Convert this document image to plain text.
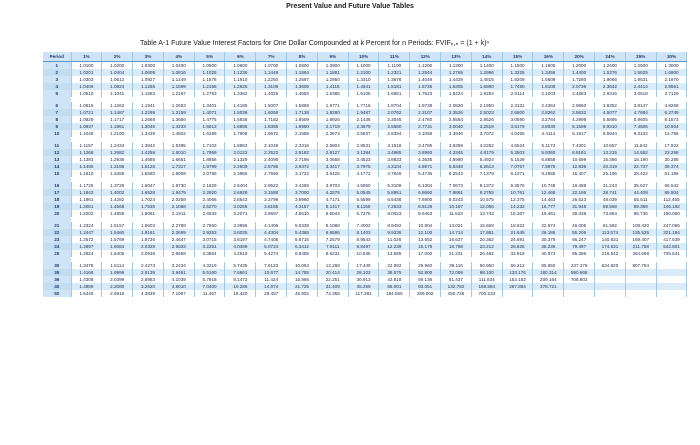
Present Value and Future Value Tables
Table A-1 Future Value Interest Factors for One Dollar Compounded at k Percent for n Periods: FVIFₖ,ₙ = (1 + k)ⁿ
Period	1%	2%	3%	4%	5%	6%	7%	8%	9%	10%	11%	12%	13%	14%	15%	16%	20%	24%	25%	30%
1	1.0100	1.0200	1.0300	1.0400	1.0500	1.0600	1.0700	1.0800	1.0900	1.1000	1.1100	1.1200	1.1300	1.1400	1.1500	1.1600	1.2000	1.2400	1.2500	1.3000
2	1.0201	1.0404	1.0609	1.0816	1.1025	1.1236	1.1449	1.1664	1.1881	1.2100	1.2321	1.2544	1.2769	1.2996	1.3225	1.3456	1.4400	1.5376	1.5625	1.6900
3	1.0303	1.0612	1.0927	1.1249	1.1576	1.1910	1.2250	1.2597	1.2950	1.3310	1.3676	1.4049	1.4429	1.4815	1.5209	1.5609	1.7280	1.9066	1.9531	2.1970
4	1.0406	1.0824	1.1255	1.1699	1.2155	1.2625	1.3108	1.3605	1.4116	1.4641	1.5181	1.5735	1.6305	1.6890	1.7490	1.8106	2.0736	2.3642	2.4414	2.8561
5	1.0510	1.1041	1.1593	1.2167	1.2763	1.3382	1.4026	1.4693	1.5386	1.6105	1.6851	1.7623	1.8424	1.9254	2.0114	2.1003	2.4883	2.9316	3.0518	3.7129

6	1.0615	1.1262	1.1941	1.2653	1.3401	1.4185	1.5007	1.5869	1.6771	1.7716	1.8704	1.9738	2.0820	2.1950	2.3131	2.4364	2.9860	3.6352	3.8147	4.8268
7	1.0721	1.1487	1.2299	1.3159	1.4071	1.5036	1.6058	1.7138	1.8280	1.9487	2.0762	2.2107	2.3526	2.5023	2.6600	2.8262	3.5832	4.5077	4.7684	6.2749
8	1.0829	1.1717	1.2668	1.3686	1.4775	1.5938	1.7182	1.8509	1.9926	2.1436	2.3045	2.4760	2.6584	2.8526	3.0590	3.2784	4.2998	5.5895	5.9605	8.1573
9	1.0937	1.1951	1.3048	1.4233	1.5513	1.6895	1.8385	1.9990	2.1719	2.3579	2.5580	2.7731	3.0040	3.2519	3.5179	3.8030	5.1598	6.9310	7.4506	10.604
10	1.1046	1.2190	1.3439	1.4802	1.6289	1.7908	1.9672	2.1589	2.3674	2.5937	2.8394	3.1058	3.3946	3.7072	4.0456	4.4114	6.1917	8.5944	9.3132	13.786

11	1.1157	1.2434	1.3842	1.5395	1.7103	1.8983	2.1049	2.3316	2.5804	2.8531	3.1518	3.4785	3.8359	4.2262	4.6524	5.1173	7.4301	10.657	11.642	17.922
12	1.1268	1.2682	1.4258	1.6010	1.7959	2.0122	2.2522	2.5182	2.8127	3.1384	3.4985	3.8960	4.3345	4.8179	5.3503	5.9360	8.9161	13.215	14.552	23.298
13	1.1381	1.2936	1.4685	1.6651	1.8856	2.1329	2.4098	2.7196	3.0658	3.4523	3.8833	4.3635	4.8980	5.4924	6.1528	6.8858	10.699	16.386	18.190	30.288
14	1.1495	1.3195	1.5126	1.7317	1.9799	2.2609	2.5785	2.9372	3.3417	3.7975	4.3104	4.8871	5.5348	6.2613	7.0757	7.9875	12.839	20.319	22.737	39.374
15	1.1610	1.3459	1.5580	1.8009	2.0789	2.3966	2.7590	3.1722	3.6425	4.1772	4.7846	5.4736	6.2543	7.1379	8.1371	9.2655	15.407	25.196	28.422	51.186

16	1.1726	1.3728	1.6047	1.8730	2.1829	2.5404	2.9522	3.4259	3.9703	4.5950	5.3109	6.1304	7.0673	8.1372	9.3576	10.748	18.488	31.243	35.527	66.542
17	1.1843	1.4002	1.6528	1.9479	2.2920	2.6928	3.1588	3.7000	4.3276	5.0545	5.8951	6.8660	7.9861	9.2765	10.761	12.468	22.186	38.741	44.409	86.504
18	1.1961	1.4282	1.7024	2.0258	2.4066	2.8543	3.3799	3.9960	4.7171	5.5599	6.5436	7.6900	9.0243	10.575	12.375	14.463	26.623	48.039	55.511	112.455
19	1.2081	1.4568	1.7535	2.1068	2.5270	3.0256	3.6165	4.3157	5.1417	6.1159	7.2633	8.6128	10.197	12.056	14.232	16.777	31.948	59.568	69.389	146.192
20	1.2202	1.4859	1.8061	2.1911	2.6533	3.2071	3.8697	4.6610	5.6044	6.7275	8.0623	9.6463	11.523	13.743	16.367	19.461	38.338	73.864	86.736	190.050

21	1.2324	1.5157	1.8603	2.2788	2.7860	3.3996	4.1406	5.0338	6.1088	7.4002	8.9492	10.804	13.021	15.668	18.822	22.574	46.005	91.592	108.420	247.065
22	1.2447	1.5460	1.9161	2.3699	2.9253	3.6035	4.4304	5.4365	6.6586	8.1403	9.9336	12.100	14.714	17.861	21.645	26.186	55.206	113.574	135.525	321.184
23	1.2572	1.5769	1.9736	2.4647	3.0715	3.8197	4.7405	5.8715	7.2579	8.9543	11.026	13.552	16.627	20.362	24.891	30.376	66.247	140.831	169.407	417.539
24	1.2697	1.6084	2.0328	2.5633	3.2251	4.0489	5.0724	6.3412	7.9111	9.8497	12.239	15.179	18.788	23.212	28.625	35.236	79.497	174.631	211.758	542.801
25	1.2824	1.6406	2.0938	2.6658	3.3864	4.2919	5.4274	6.8485	8.6231	10.835	13.585	17.000	21.231	26.462	32.919	40.874	95.396	216.542	264.698	705.641

30	1.3478	1.8114	2.4273	3.2434	4.3219	5.7435	7.6123	10.063	13.268	17.449	22.892	29.960	39.116	50.950	66.212	85.850	237.376	634.820	807.794	
35	1.4166	1.9999	2.8139	3.9461	5.5160	7.6861	10.677	14.785	20.414	28.102	38.575	52.800	72.069	98.100	133.176	180.314	590.668			
36	1.4308	2.0399	2.8983	4.1039	5.7918	8.1473	11.424	15.968	22.251	30.913	42.818	59.136	81.437	111.834	153.152	209.164	708.802			
40	1.4889	2.2080	3.2620	4.8010	7.0400	10.286	14.974	21.725	31.409	45.259	65.001	93.051	132.782	188.884	267.864	378.721				
50	1.6446	2.6916	4.3839	7.1067	11.467	18.420	29.457	46.902	74.358	117.391	184.565	289.002	450.736	700.233						
